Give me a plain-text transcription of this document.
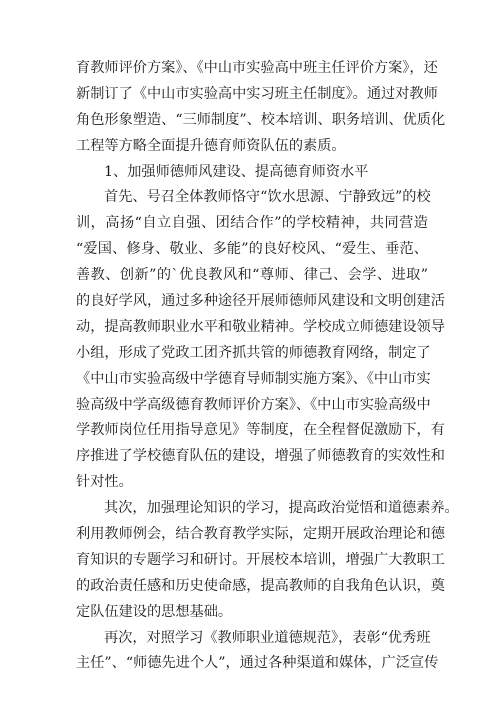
育教师评价方案》、《中山市实验高中班主任评价方案》，还
新制订了《中山市实验高中实习班主任制度》。通过对教师
角色形象塑造、“三师制度”、校本培训、职务培训、优质化
工程等方略全面提升德育师资队伍的素质。
1、加强师德师风建设、提高德育师资水平
首先、号召全体教师恪守“饮水思源、宁静致远”的校
训，高扬“自立自强、团结合作”的学校精神，共同营造
“爱国、修身、敬业、多能”的良好校风、“爱生、垂范、
善教、创新”的`优良教风和“尊师、律己、会学、进取”
的良好学风，通过多种途径开展师德师风建设和文明创建活
动，提高教师职业水平和敬业精神。学校成立师德建设领导
小组，形成了党政工团齐抓共管的师德教育网络，制定了
《中山市实验高级中学德育导师制实施方案》、《中山市实
验高级中学高级德育教师评价方案》、《中山市实验高级中
学教师岗位任用指导意见》等制度，在全程督促激励下，有
序推进了学校德育队伍的建设，增强了师德教育的实效性和
针对性。
其次，加强理论知识的学习，提高政治觉悟和道德素养。
利用教师例会，结合教育教学实际，定期开展政治理论和德
育知识的专题学习和研讨。开展校本培训，增强广大教职工
的政治责任感和历史使命感，提高教师的自我角色认识，奠
定队伍建设的思想基础。
再次，对照学习《教师职业道德规范》，表彰“优秀班
主任”、“师德先进个人”，通过各种渠道和媒体，广泛宣传
